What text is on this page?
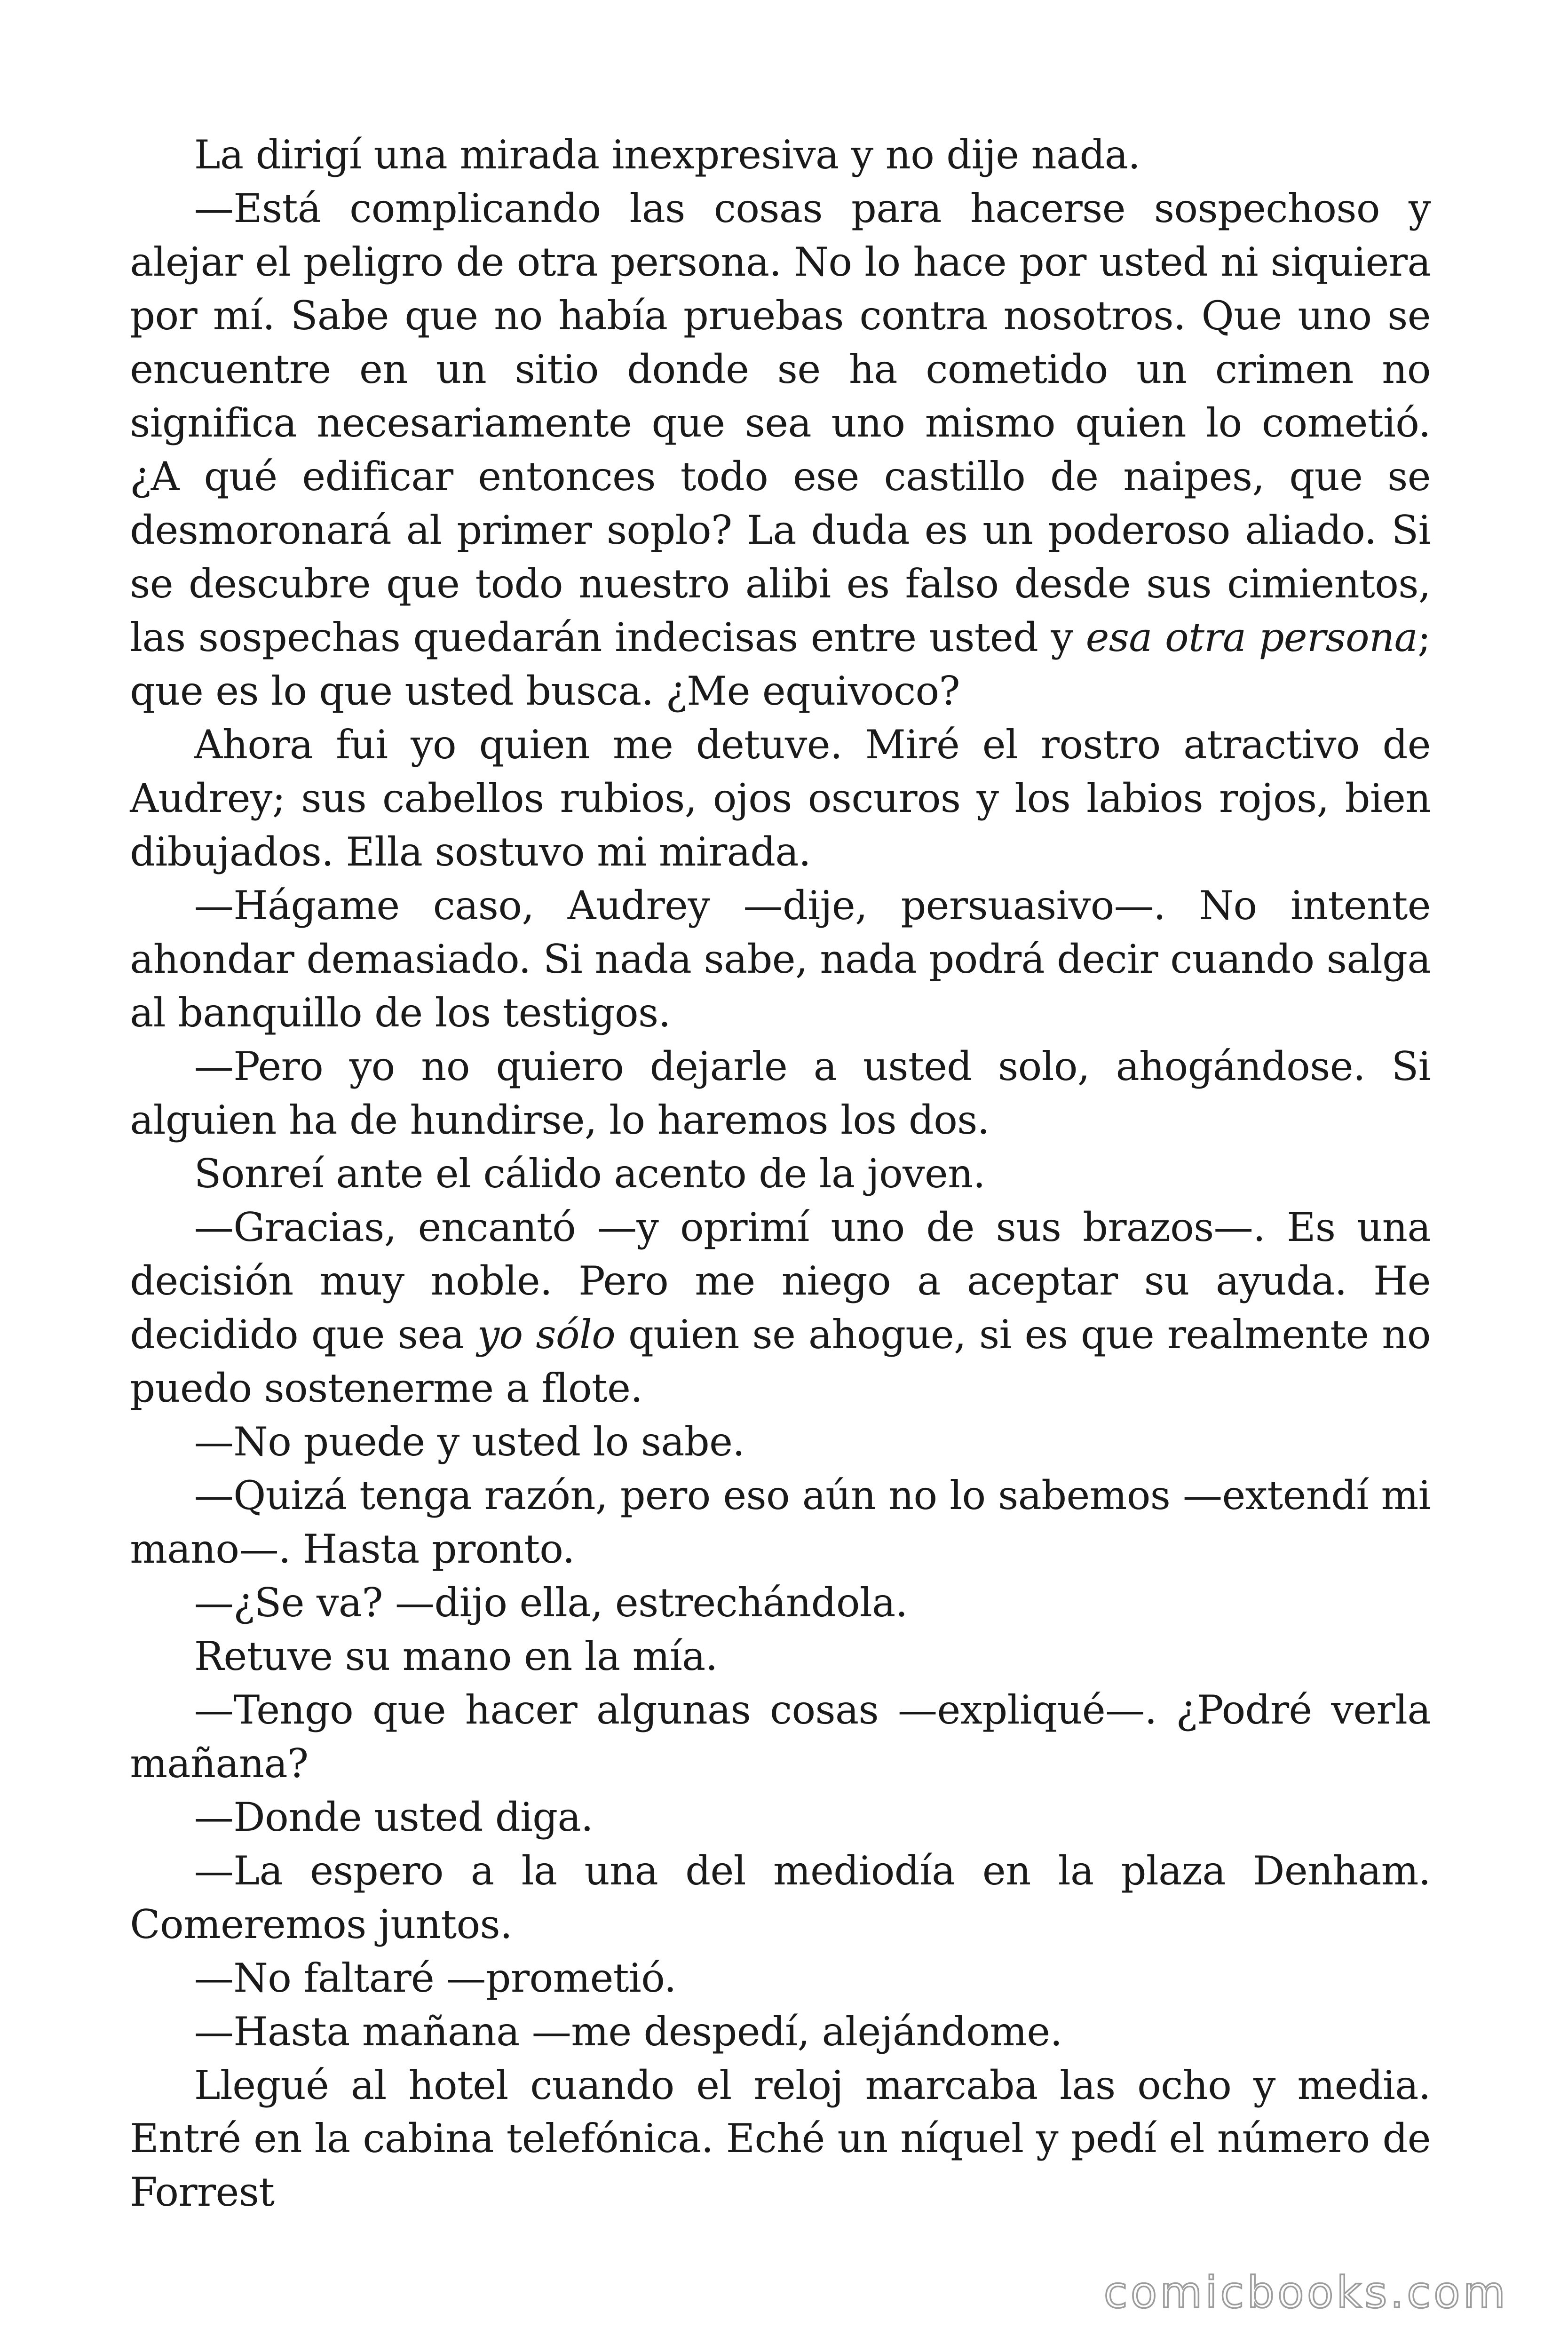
La dirigí una mirada inexpresiva y no dije nada.

—Está complicando las cosas para hacerse sospechoso y alejar el peligro de otra persona. No lo hace por usted ni siquiera por mí. Sabe que no había pruebas contra nosotros. Que uno se encuentre en un sitio donde se ha cometido un crimen no significa necesariamente que sea uno mismo quien lo cometió. ¿A qué edificar entonces todo ese castillo de naipes, que se desmoronará al primer soplo? La duda es un poderoso aliado. Si se descubre que todo nuestro alibi es falso desde sus cimientos, las sospechas quedarán indecisas entre usted y esa otra persona; que es lo que usted busca. ¿Me equivoco?

Ahora fui yo quien me detuve. Miré el rostro atractivo de Audrey; sus cabellos rubios, ojos oscuros y los labios rojos, bien dibujados. Ella sostuvo mi mirada.

—Hágame caso, Audrey —dije, persuasivo—. No intente ahondar demasiado. Si nada sabe, nada podrá decir cuando salga al banquillo de los testigos.

—Pero yo no quiero dejarle a usted solo, ahogándose. Si alguien ha de hundirse, lo haremos los dos.

Sonreí ante el cálido acento de la joven.

—Gracias, encantó —y oprimí uno de sus brazos—. Es una decisión muy noble. Pero me niego a aceptar su ayuda. He decidido que sea yo sólo quien se ahogue, si es que realmente no puedo sostenerme a flote.

—No puede y usted lo sabe.

—Quizá tenga razón, pero eso aún no lo sabemos —extendí mi mano—. Hasta pronto.

—¿Se va? —dijo ella, estrechándola.

Retuve su mano en la mía.

—Tengo que hacer algunas cosas —expliqué—. ¿Podré verla mañana?

—Donde usted diga.

—La espero a la una del mediodía en la plaza Denham. Comeremos juntos.

—No faltaré —prometió.

—Hasta mañana —me despedí, alejándome.

Llegué al hotel cuando el reloj marcaba las ocho y media. Entré en la cabina telefónica. Eché un níquel y pedí el número de Forrest

comicbooks.com
